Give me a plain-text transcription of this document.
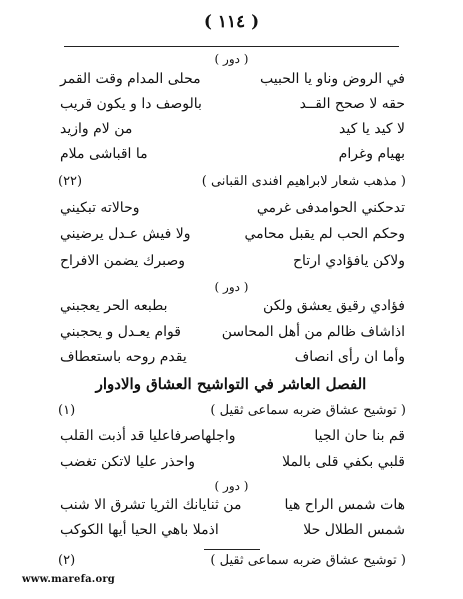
( ١١٤ )
( دور )
في الروض وناو يا الحبيب
محلى المدام وقت القمر
حقه لا صحح القــد
بالوصف دا و يكون قريب
لا كيد يا كيد
من لام وازيد
بهيام وغرام
ما اقباشى ملام
(٢٢)	( مذهب شعار لابراهيم افندى القبانى )
تدحكني الحوامدفى غرمي
وحالاته تبكيني
وحكم الحب لم يقبل محامي
ولا فيش عـدل يرضيني
ولاكن يافؤادي ارتاح
وصبرك يضمن الافراح
( دور )
فؤادي رقيق يعشق ولكن
بطبعه الحر يعجبني
اذاشاف ظالم من أهل المحاسن
قوام يعـدل و يحجبني
وأما ان رأى انصاف
يقدم روحه باستعطاف
الفصل العاشر في التواشيح العشاق والادوار
(١)	( توشيح عشاق ضربه سماعى ثقيل )
قم بنا حان الجيا
واجلهاصرفاعليا قد أذبت القلب
قلبي بكفي قلى بالملا
واحذر عليا لاتكن تغضب
( دور )
هات شمس الراح هيا
من ثنايانك الثريا تشرق الا شنب
شمس الطلال حلا
اذملا باهي الحيا أيها الكوكب
(٢)	( توشيح عشاق ضربه سماعى ثقيل )
www.marefa.org
